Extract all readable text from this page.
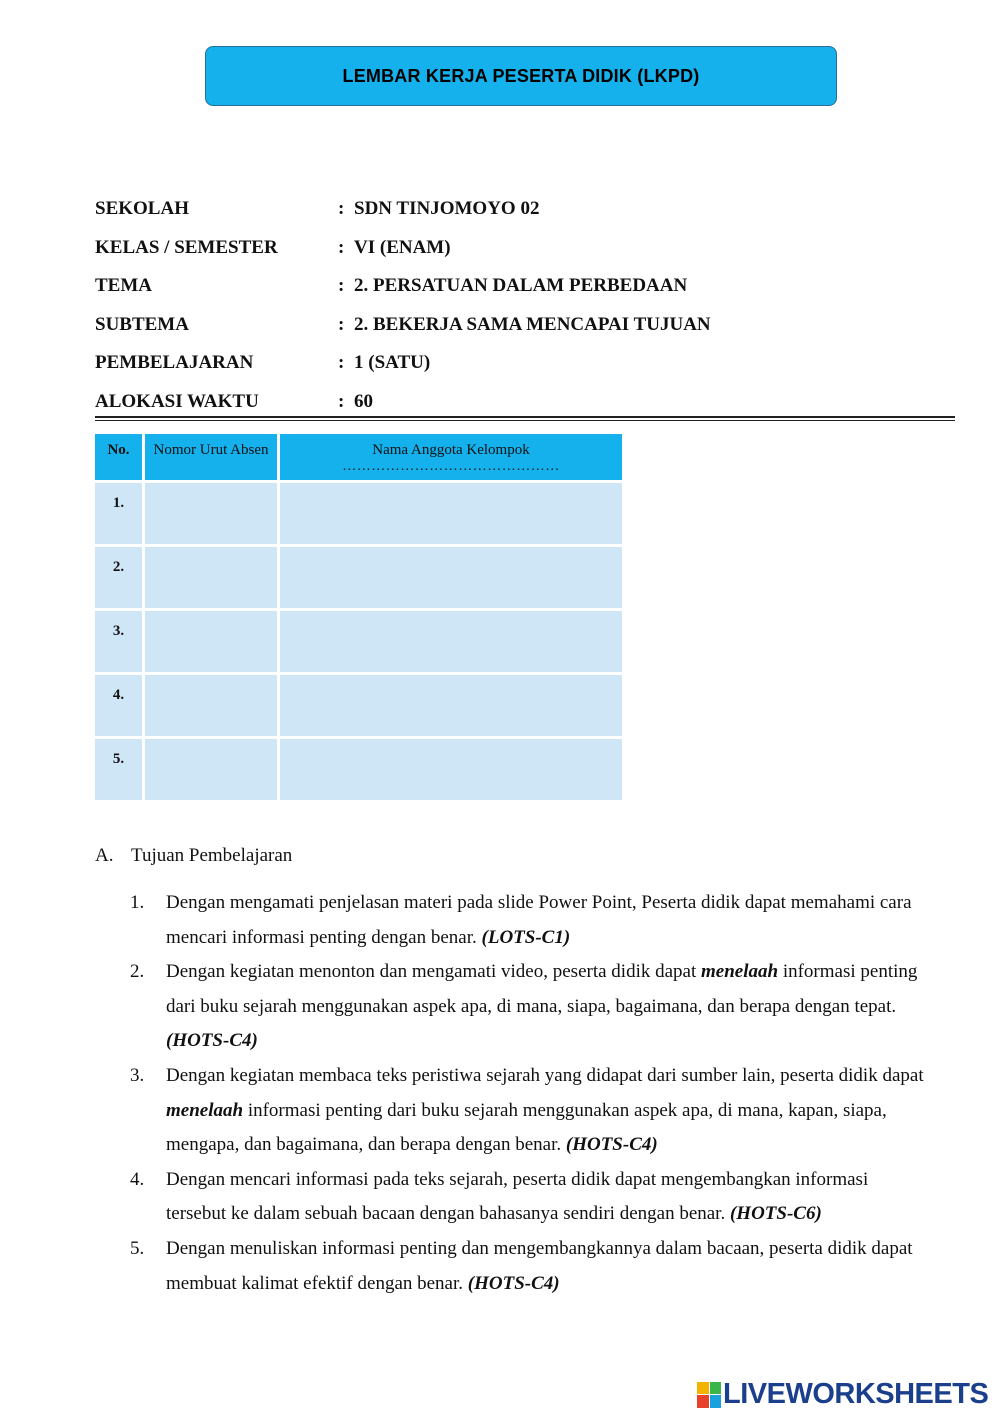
LEMBAR KERJA PESERTA DIDIK (LKPD)
SEKOLAH	: SDN TINJOMOYO 02
KELAS / SEMESTER	: VI (ENAM)
TEMA	: 2. PERSATUAN DALAM PERBEDAAN
SUBTEMA	: 2. BEKERJA SAMA MENCAPAI TUJUAN
PEMBELAJARAN	: 1 (SATU)
ALOKASI WAKTU	: 60
No.	Nomor Urut Absen	Nama Anggota Kelompok
………………………………………

1.		
2.		
3.		
4.		
5.		
A. Tujuan Pembelajaran
1.	Dengan mengamati penjelasan materi pada slide Power Point, Peserta didik dapat memahami cara mencari informasi penting dengan benar. (LOTS-C1)
2.	Dengan kegiatan menonton dan mengamati video, peserta didik dapat menelaah informasi penting dari buku sejarah menggunakan aspek apa, di mana, siapa, bagaimana, dan berapa dengan tepat. (HOTS-C4)
3.	Dengan kegiatan membaca teks peristiwa sejarah yang didapat dari sumber lain, peserta didik dapat menelaah informasi penting dari buku sejarah menggunakan aspek apa, di mana, kapan, siapa, mengapa, dan bagaimana, dan berapa dengan benar. (HOTS-C4)
4.	Dengan mencari informasi pada teks sejarah, peserta didik dapat mengembangkan informasi tersebut ke dalam sebuah bacaan dengan bahasanya sendiri dengan benar. (HOTS-C6)
5.	Dengan menuliskan informasi penting dan mengembangkannya dalam bacaan, peserta didik dapat membuat kalimat efektif dengan benar. (HOTS-C4)
LIVEWORKSHEETS
